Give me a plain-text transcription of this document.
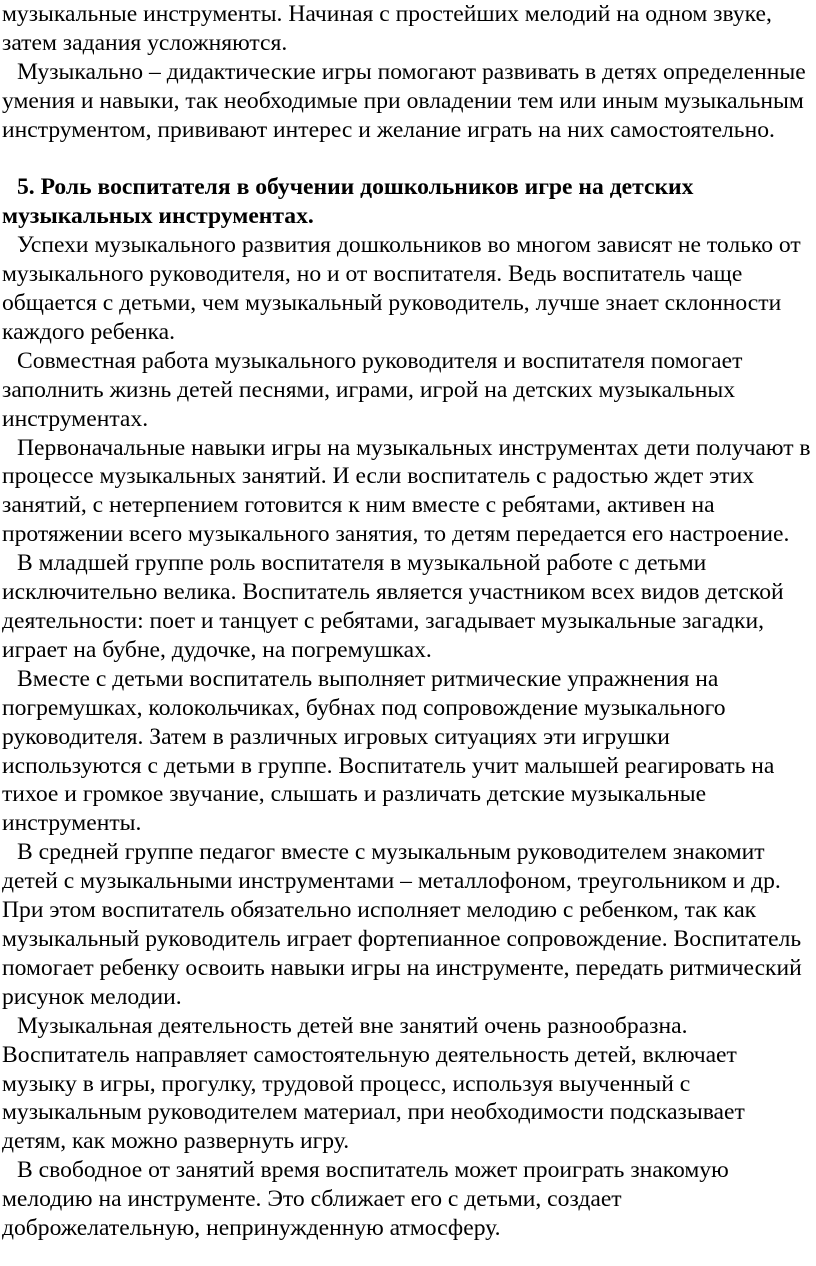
музыкальные инструменты. Начиная с простейших мелодий на одном звуке, затем задания усложняются.

Музыкально – дидактические игры помогают развивать в детях определенные умения и навыки, так необходимые при овладении тем или иным музыкальным инструментом, прививают интерес и желание играть на них самостоятельно.

5. Роль воспитателя в обучении дошкольников игре на детских музыкальных инструментах.

Успехи музыкального развития дошкольников во многом зависят не только от музыкального руководителя, но и от воспитателя. Ведь воспитатель чаще общается с детьми, чем музыкальный руководитель, лучше знает склонности каждого ребенка.

Совместная работа музыкального руководителя и воспитателя помогает заполнить жизнь детей песнями, играми, игрой на детских музыкальных инструментах.

Первоначальные навыки игры на музыкальных инструментах дети получают в процессе музыкальных занятий. И если воспитатель с радостью ждет этих занятий, с нетерпением готовится к ним вместе с ребятами, активен на протяжении всего музыкального занятия, то детям передается его настроение.

В младшей группе роль воспитателя в музыкальной работе с детьми исключительно велика. Воспитатель является участником всех видов детской деятельности: поет и танцует с ребятами, загадывает музыкальные загадки, играет на бубне, дудочке, на погремушках.

Вместе с детьми воспитатель выполняет ритмические упражнения на погремушках, колокольчиках, бубнах под сопровождение музыкального руководителя. Затем в различных игровых ситуациях эти игрушки используются с детьми в группе. Воспитатель учит малышей реагировать на тихое и громкое звучание, слышать и различать детские музыкальные инструменты.

В средней группе педагог вместе с музыкальным руководителем знакомит детей с музыкальными инструментами – металлофоном, треугольником и др. При этом воспитатель обязательно исполняет мелодию с ребенком, так как музыкальный руководитель играет фортепианное сопровождение. Воспитатель помогает ребенку освоить навыки игры на инструменте, передать ритмический рисунок мелодии.

Музыкальная деятельность детей вне занятий очень разнообразна. Воспитатель направляет самостоятельную деятельность детей, включает музыку в игры, прогулку, трудовой процесс, используя выученный с музыкальным руководителем материал, при необходимости подсказывает детям, как можно развернуть игру.

В свободное от занятий время воспитатель может проиграть знакомую мелодию на инструменте. Это сближает его с детьми, создает доброжелательную, непринужденную атмосферу.
